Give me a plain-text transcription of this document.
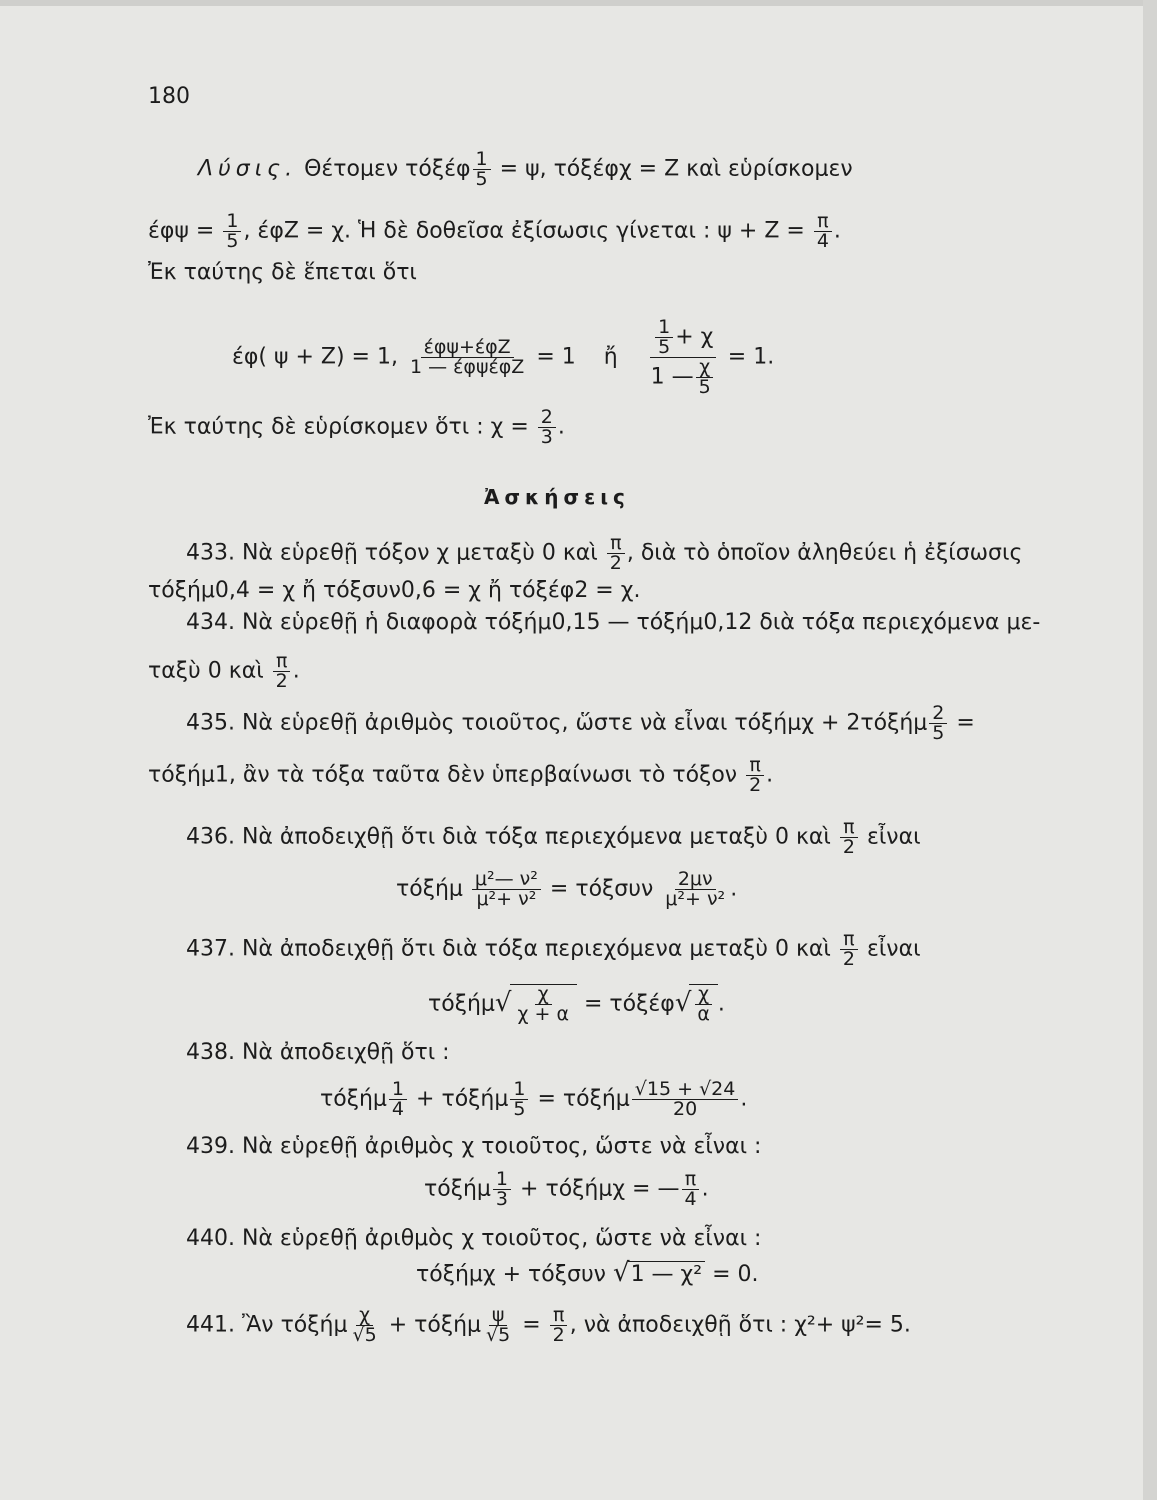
180
Λύσις. Θέτομεν τόξέφ $\frac{1}{5} = \psi$, τόξέφχ = Ζ καὶ εὑρίσκομεν
$έ\varphi\psi = \frac{1}{5}$ , έφΖ = χ. Ἡ δὲ δοθεῖσα ἐξίσωσις γίνεται : $\psi + Z = \frac{\pi}{4}$ .
Ἐκ ταύτης δὲ ἕπεται ὅτι
έφ( ψ + Ζ) = 1, $\frac{\text{έφψ+έφΖ}}{\text{1 — έφψέφΖ}} = 1$ ἤ $\frac{\frac{1}{5} + \chi}{1 — \frac{\chi}{5}} = 1$.
Ἐκ ταύτης δὲ εὑρίσκομεν ὅτι : $\chi = \frac{2}{3}$ .
Ἀσκήσεις
433. Νὰ εὑρεθῇ τόξον χ μεταξὺ 0 καὶ $\frac{\pi}{2}$ , διὰ τὸ ὁποῖον ἀληθεύει ἡ ἐξίσωσις
τόξήμ0,4 = χ ἤ τόξσυν0,6 = χ ἤ τόξέφ2 = χ.
434. Νὰ εὑρεθῇ ἡ διαφορὰ τόξήμ0,15 — τόξήμ0,12 διὰ τόξα περιεχόμενα με-
ταξὺ 0 καὶ $\frac{\pi}{2}$ .
435. Νὰ εὑρεθῇ ἀριθμὸς τοιοῦτος, ὥστε νὰ εἶναι $\tau ό\xi ή\mu\chi + 2\tau ό\xi ή\mu \frac{2}{5}$ =
τόξήμ1, ἂν τὰ τόξα ταῦτα δὲν ὑπερβαίνωσι τὸ τόξον $\frac{\pi}{2}$ .
436. Νὰ ἀποδειχθῇ ὅτι διὰ τόξα περιεχόμενα μεταξὺ 0 καὶ $\frac{\pi}{2}$ εἶναι
τόξήμ $\frac{\text{μ²— ν²}}{\text{μ²+ ν²}} = \tau ό\xi\sigma\upsilon\nu \frac{2\mu\nu}{\text{μ²+ ν²}}$ .
437. Νὰ ἀποδειχθῇ ὅτι διὰ τόξα περιεχόμενα μεταξὺ 0 καὶ $\frac{\pi}{2}$ εἶναι
$\tau ό\xi ή\mu√ \frac{\chi}{\chi + \alpha} = \tau ό\xi έ\varphi√ \frac{\chi}{\alpha}$ .
438. Νὰ ἀποδειχθῇ ὅτι :
τόξήμ $\frac{1}{4} + \tau ό\xi ή\mu \frac{1}{5} = \tau ό\xi ή\mu \frac{√15 + √24}{20}$ .
439. Νὰ εὑρεθῇ ἀριθμὸς χ τοιοῦτος, ὥστε νὰ εἶναι :
τόξήμ $\frac{1}{3} + \tau ό\xi ή\mu\chi$ = — $\frac{\pi}{4}$ .
440. Νὰ εὑρεθῇ ἀριθμὸς χ τοιοῦτος, ὥστε νὰ εἶναι :
τόξήμχ + τόξσυν √1 — χ² = 0.
441. Ἂν τόξήμ $\frac{\chi}{√5} + \tau ό\xi ή\mu \frac{\psi}{√5} = \frac{\pi}{2}$ , νὰ ἀποδειχθῇ ὅτι : χ²+ ψ²= 5.
